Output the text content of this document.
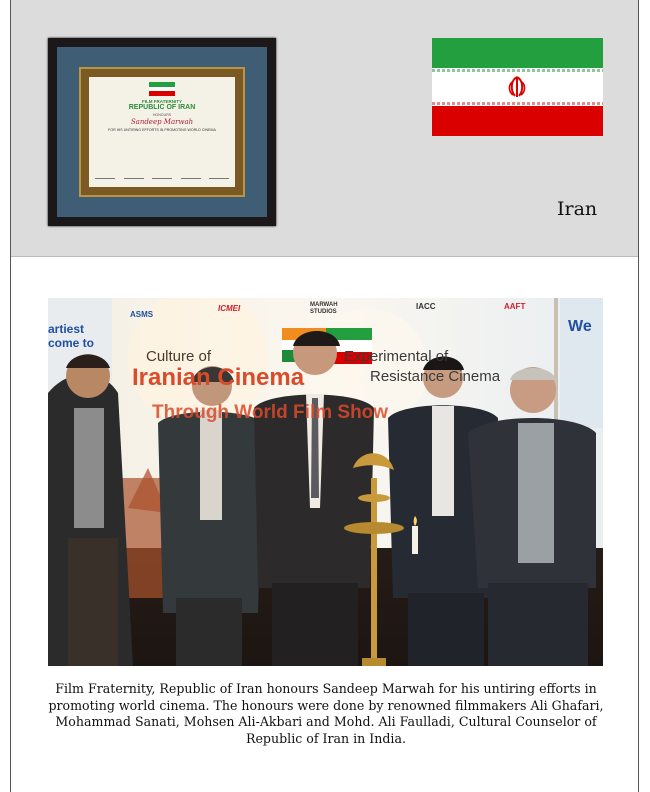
FILM FRATERNITY
REPUBLIC OF IRAN
HONOURS
Sandeep Marwah
FOR HIS UNTIRING EFFORTS IN PROMOTING WORLD CINEMA
Iran
ASMS
ICMEI	MARWAH STUDIOS
IACC	AAFT
Culture of
Iranian Cinema
Through World Film Show
Experimental of
Resistance Cinema
artiest come to
We
Film Fraternity, Republic of Iran honours Sandeep Marwah for his untiring efforts in promoting world cinema. The honours were done by renowned filmmakers Ali Ghafari, Mohammad Sanati, Mohsen Ali-Akbari and Mohd. Ali Faulladi, Cultural Counselor of Republic of Iran in India.
